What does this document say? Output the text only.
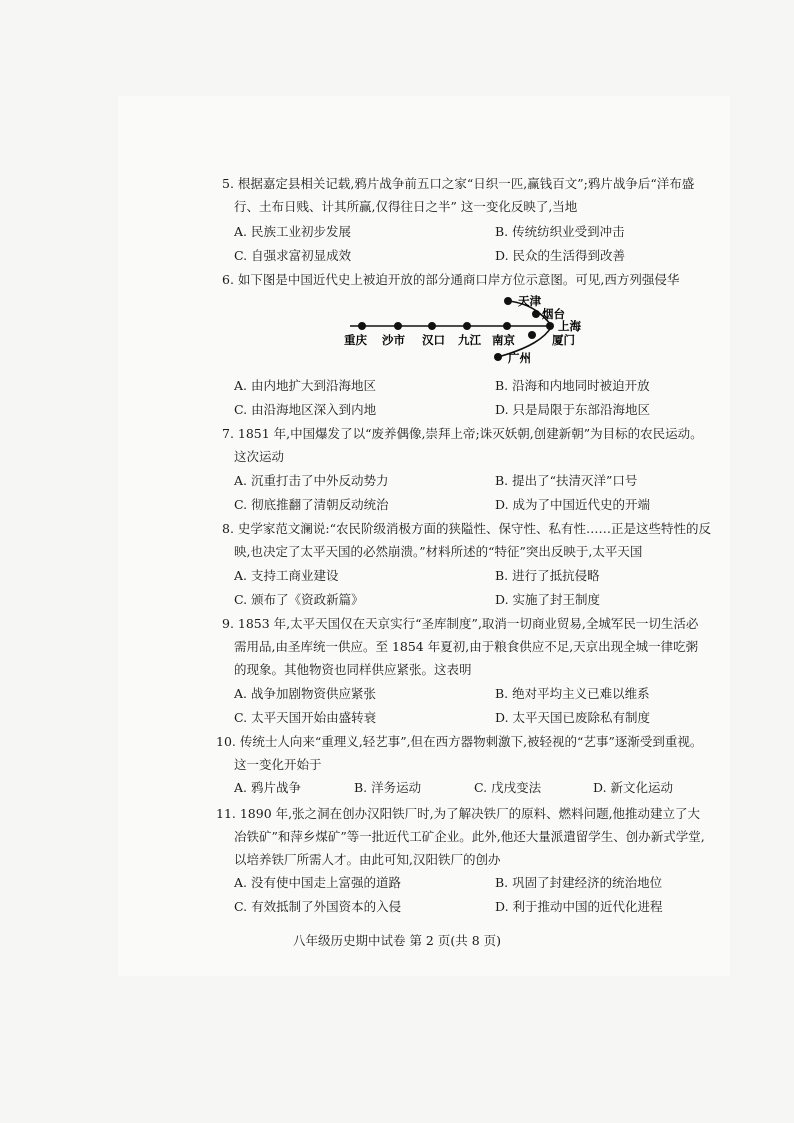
5. 根据嘉定县相关记载,鸦片战争前五口之家“日织一匹,赢钱百文”;鸦片战争后“洋布盛
行、土布日贱、计其所赢,仅得往日之半” 这一变化反映了,当地
A. 民族工业初步发展	B. 传统纺织业受到冲击
C. 自强求富初显成效	D. 民众的生活得到改善
6. 如下图是中国近代史上被迫开放的部分通商口岸方位示意图。可见,西方列强侵华
重庆 沙市 汉口 九江 南京
上海
天津
烟台
厦门
广州
A. 由内地扩大到沿海地区	B. 沿海和内地同时被迫开放
C. 由沿海地区深入到内地	D. 只是局限于东部沿海地区
7. 1851 年,中国爆发了以“废养偶像,崇拜上帝;诛灭妖朝,创建新朝”为目标的农民运动。
这次运动
A. 沉重打击了中外反动势力	B. 提出了“扶清灭洋”口号
C. 彻底推翻了清朝反动统治	D. 成为了中国近代史的开端
8. 史学家范文澜说:“农民阶级消极方面的狭隘性、保守性、私有性……正是这些特性的反
映,也决定了太平天国的必然崩溃。”材料所述的“特征”突出反映于,太平天国
A. 支持工商业建设	B. 进行了抵抗侵略
C. 颁布了《资政新篇》	D. 实施了封王制度
9. 1853 年,太平天国仅在天京实行“圣库制度”,取消一切商业贸易,全城军民一切生活必
需用品,由圣库统一供应。至 1854 年夏初,由于粮食供应不足,天京出现全城一律吃粥
的现象。其他物资也同样供应紧张。这表明
A. 战争加剧物资供应紧张	B. 绝对平均主义已难以维系
C. 太平天国开始由盛转衰	D. 太平天国已废除私有制度
10. 传统士人向来“重理义,轻艺事”,但在西方器物刺激下,被轻视的“艺事”逐渐受到重视。
这一变化开始于
A. 鸦片战争	B. 洋务运动	C. 戊戌变法	D. 新文化运动
11. 1890 年,张之洞在创办汉阳铁厂时,为了解决铁厂的原料、燃料问题,他推动建立了大
冶铁矿”和萍乡煤矿”等一批近代工矿企业。此外,他还大量派遣留学生、创办新式学堂,
以培养铁厂所需人才。由此可知,汉阳铁厂的创办
A. 没有使中国走上富强的道路	B. 巩固了封建经济的统治地位
C. 有效抵制了外国资本的入侵	D. 利于推动中国的近代化进程
八年级历史期中试卷 第 2 页(共 8 页)
